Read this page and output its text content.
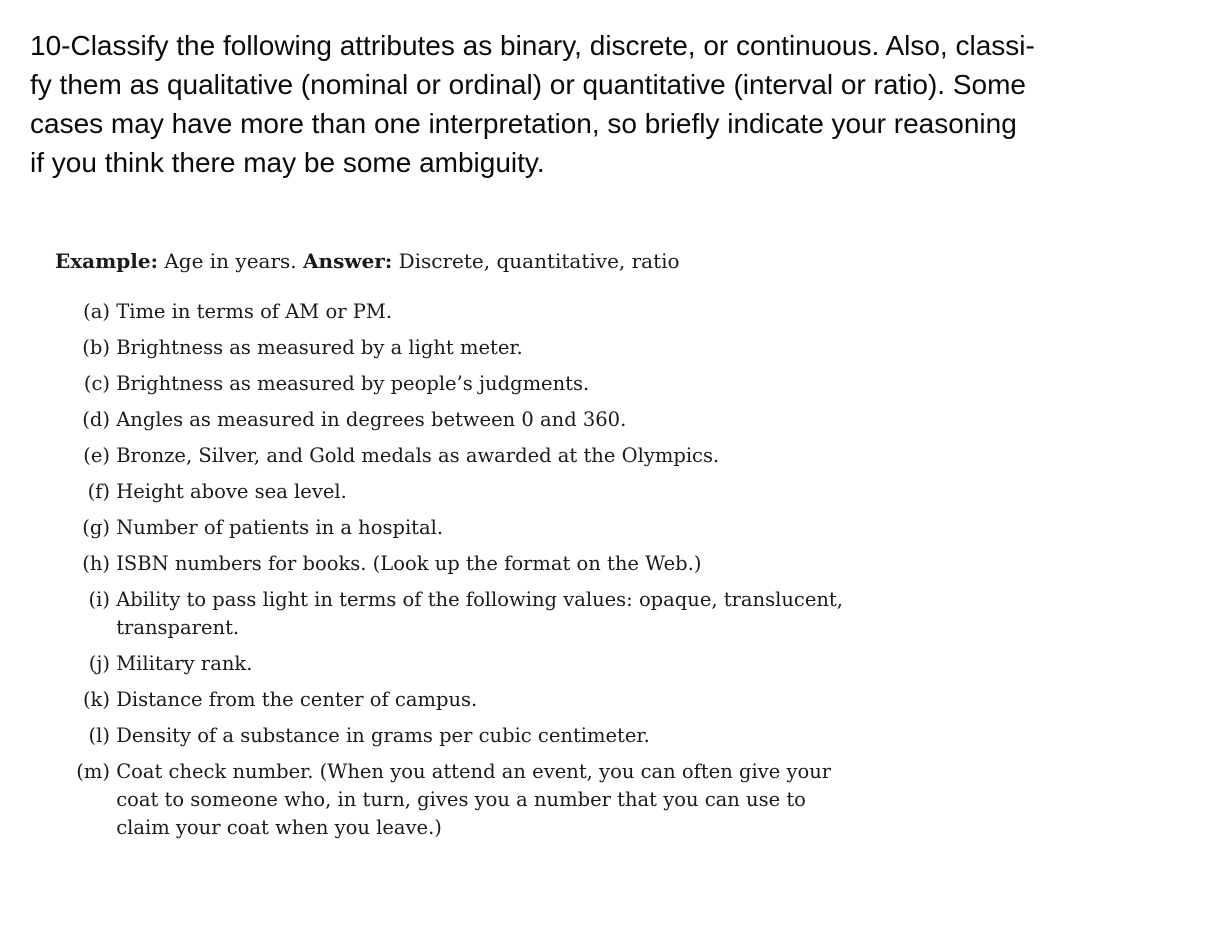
10-Classify the following attributes as binary, discrete, or continuous. Also, classi-
fy them as qualitative (nominal or ordinal) or quantitative (interval or ratio). Some
cases may have more than one interpretation, so briefly indicate your reasoning
if you think there may be some ambiguity.

Example: Age in years. Answer: Discrete, quantitative, ratio

(a)
Time in terms of AM or PM.
(b)
Brightness as measured by a light meter.
(c)
Brightness as measured by people’s judgments.
(d)
Angles as measured in degrees between 0 and 360.
(e)
Bronze, Silver, and Gold medals as awarded at the Olympics.
(f)
Height above sea level.
(g)
Number of patients in a hospital.
(h)
ISBN numbers for books. (Look up the format on the Web.)
(i)
Ability to pass light in terms of the following values: opaque, translucent,
transparent.
(j)
Military rank.
(k)
Distance from the center of campus.
(l)
Density of a substance in grams per cubic centimeter.
(m)
Coat check number. (When you attend an event, you can often give your
coat to someone who, in turn, gives you a number that you can use to
claim your coat when you leave.)
